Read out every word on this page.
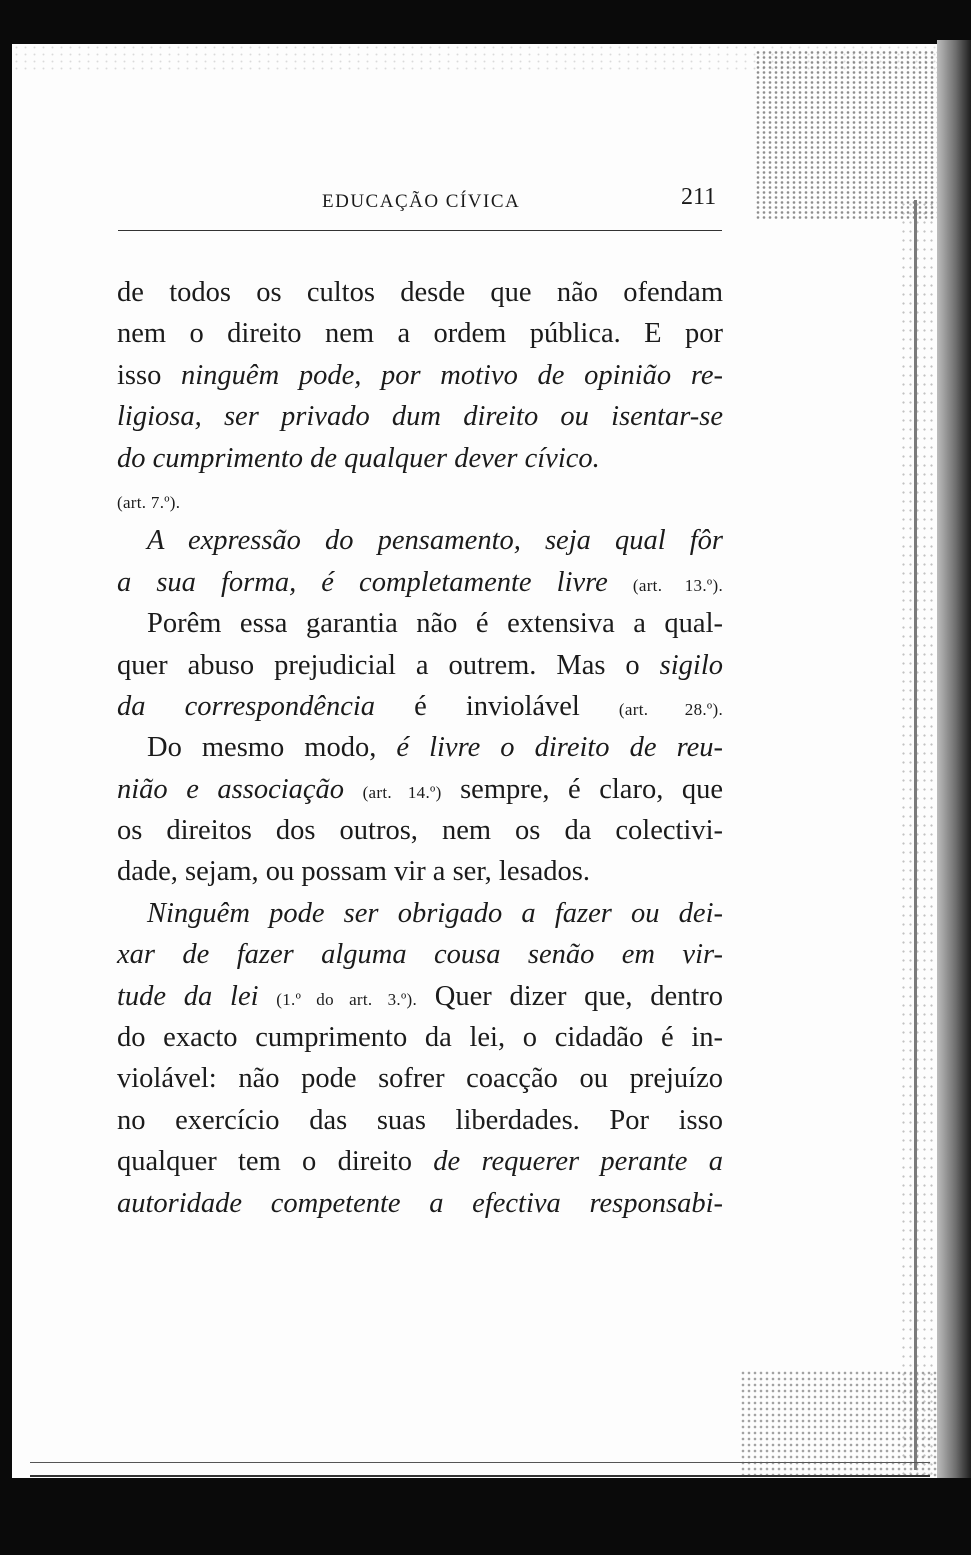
EDUCAÇÃO CÍVICA	211
de todos os cultos desde que não ofendam
nem o direito nem a ordem pública. E por
isso ninguêm pode, por motivo de opinião re-
ligiosa, ser privado dum direito ou isentar-se
do cumprimento de qualquer dever cívico.
(art. 7.º).
A expressão do pensamento, seja qual fôr
a sua forma, é completamente livre (art. 13.º).
Porêm essa garantia não é extensiva a qual-
quer abuso prejudicial a outrem. Mas o sigilo
da correspondência é inviolável (art. 28.º).
Do mesmo modo, é livre o direito de reu-
nião e associação (art. 14.º) sempre, é claro, que
os direitos dos outros, nem os da colectivi-
dade, sejam, ou possam vir a ser, lesados.
Ninguêm pode ser obrigado a fazer ou dei-
xar de fazer alguma cousa senão em vir-
tude da lei (1.º do art. 3.º). Quer dizer que, dentro
do exacto cumprimento da lei, o cidadão é in-
violável: não pode sofrer coacção ou prejuízo
no exercício das suas liberdades. Por isso
qualquer tem o direito de requerer perante a
autoridade competente a efectiva responsabi-
